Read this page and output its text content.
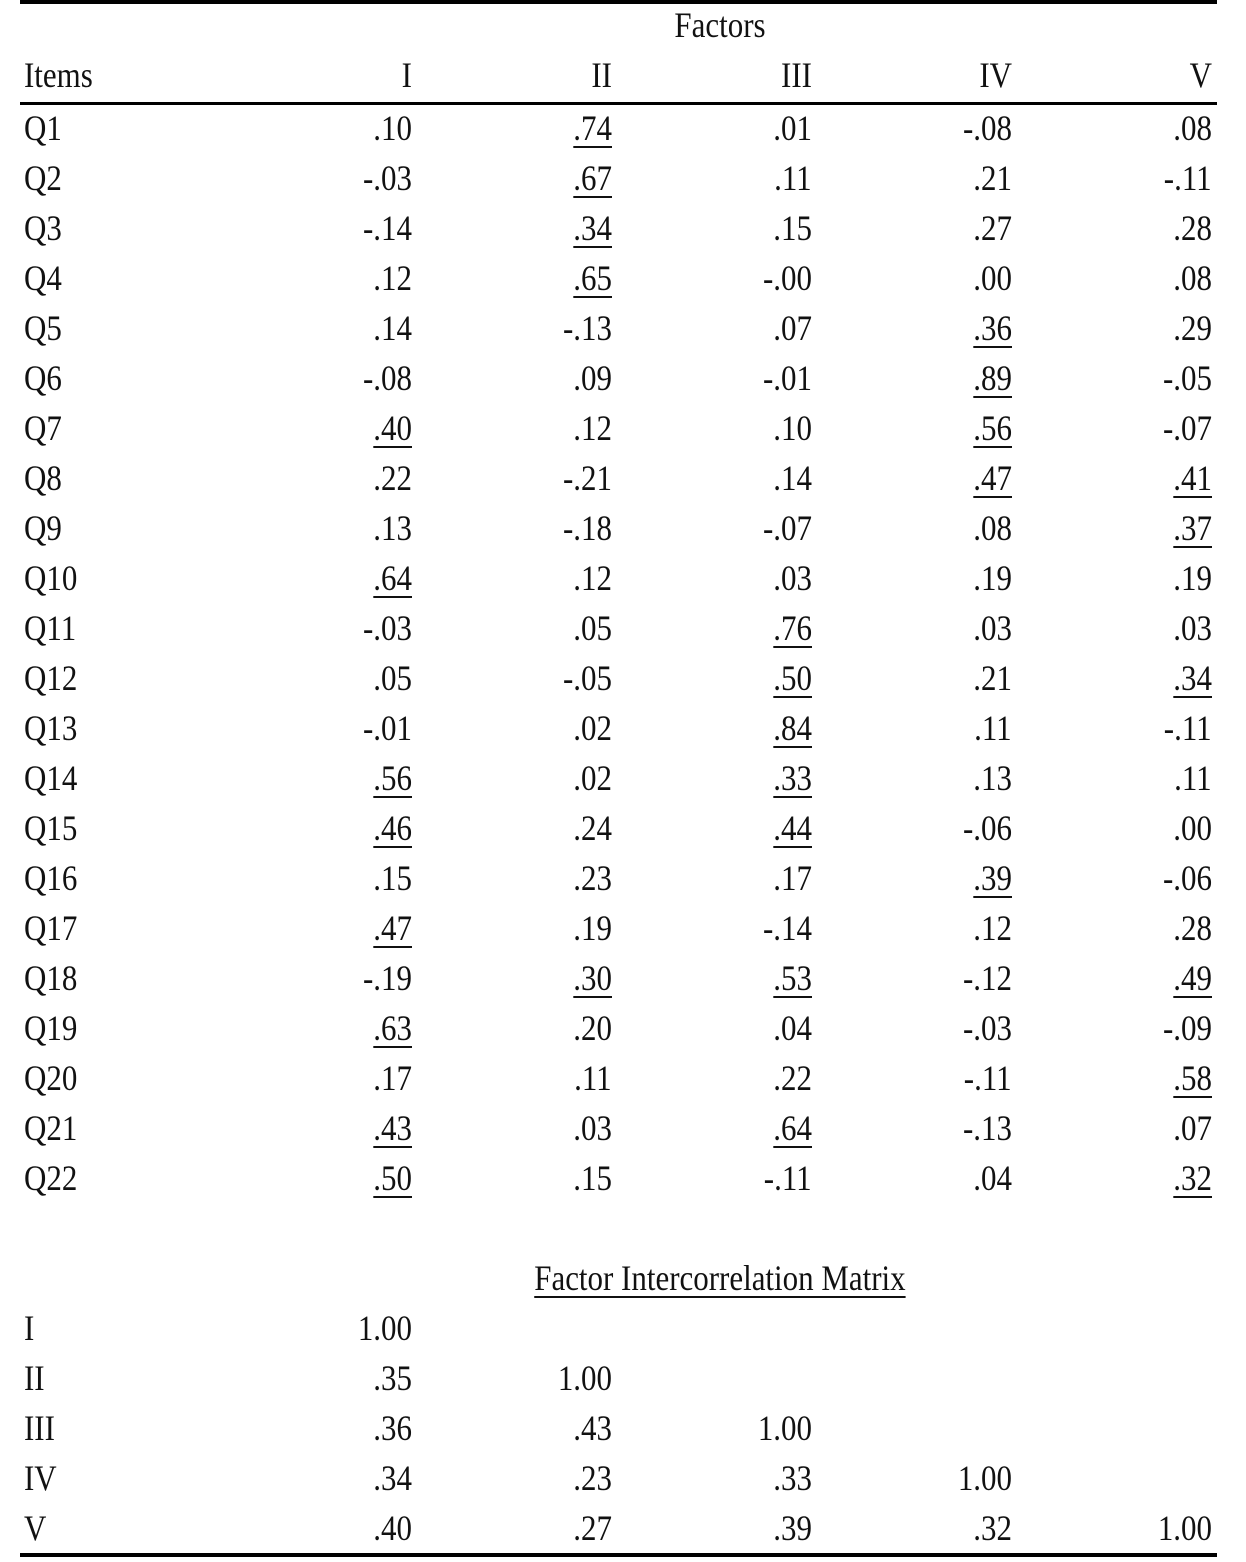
Factors
Items	I	II	III	IV	V
Q1	.10	.74	.01	-.08	.08
Q2	-.03	.67	.11	.21	-.11
Q3	-.14	.34	.15	.27	.28
Q4	.12	.65	-.00	.00	.08
Q5	.14	-.13	.07	.36	.29
Q6	-.08	.09	-.01	.89	-.05
Q7	.40	.12	.10	.56	-.07
Q8	.22	-.21	.14	.47	.41
Q9	.13	-.18	-.07	.08	.37
Q10	.64	.12	.03	.19	.19
Q11	-.03	.05	.76	.03	.03
Q12	.05	-.05	.50	.21	.34
Q13	-.01	.02	.84	.11	-.11
Q14	.56	.02	.33	.13	.11
Q15	.46	.24	.44	-.06	.00
Q16	.15	.23	.17	.39	-.06
Q17	.47	.19	-.14	.12	.28
Q18	-.19	.30	.53	-.12	.49
Q19	.63	.20	.04	-.03	-.09
Q20	.17	.11	.22	-.11	.58
Q21	.43	.03	.64	-.13	.07
Q22	.50	.15	-.11	.04	.32
Factor Intercorrelation Matrix
I	1.00
II	.35	1.00
III	.36	.43	1.00
IV	.34	.23	.33	1.00
V	.40	.27	.39	.32	1.00
